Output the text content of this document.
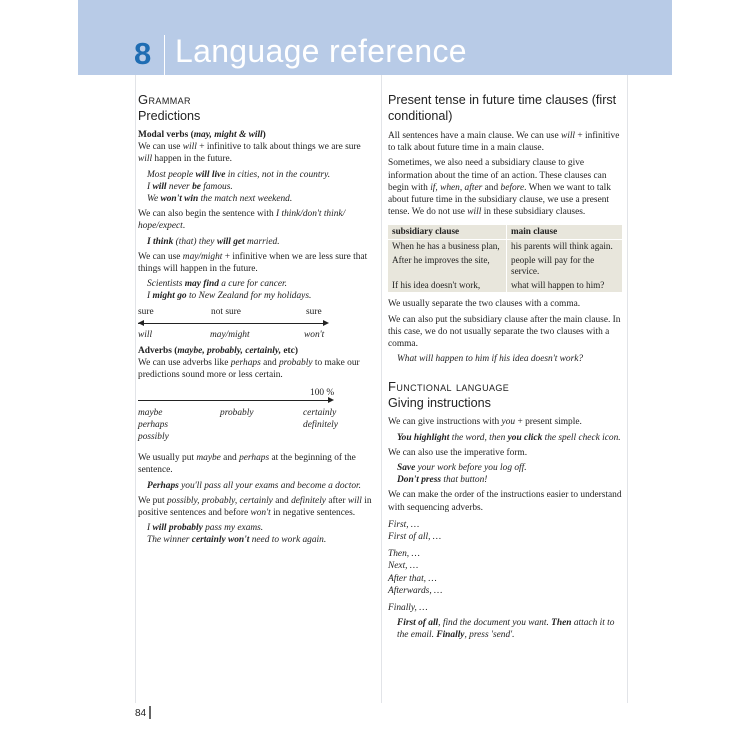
8 Language reference
Grammar
Predictions
Modal verbs (may, might & will)
We can use will + infinitive to talk about things we are sure will happen in the future.
Most people will live in cities, not in the country.
I will never be famous.
We won't win the match next weekend.
We can also begin the sentence with I think/don't think/ hope/expect.
I think (that) they will get married.
We can use may/might + infinitive when we are less sure that things will happen in the future.
Scientists may find a cure for cancer.
I might go to New Zealand for my holidays.
sure	not sure	sure
will	may/might	won't
Adverbs (maybe, probably, certainly, etc)
We can use adverbs like perhaps and probably to make our predictions sound more or less certain.
100 %
maybe
perhaps
possibly
probably	certainly
definitely
We usually put maybe and perhaps at the beginning of the sentence.
Perhaps you'll pass all your exams and become a doctor.
We put possibly, probably, certainly and definitely after will in positive sentences and before won't in negative sentences.
I will probably pass my exams.
The winner certainly won't need to work again.
Present tense in future time clauses (first conditional)
All sentences have a main clause. We can use will + infinitive to talk about future time in a main clause.
Sometimes, we also need a subsidiary clause to give information about the time of an action. These clauses can begin with if, when, after and before. When we want to talk about future time in the subsidiary clause, we use a present tense. We do not use will in these subsidiary clauses.
subsidiary clause	main clause
When he has a business plan,	his parents will think again.
After he improves the site,	people will pay for the service.
If his idea doesn't work,	what will happen to him?
We usually separate the two clauses with a comma.
We can also put the subsidiary clause after the main clause. In this case, we do not usually separate the two clauses with a comma.
What will happen to him if his idea doesn't work?
Functional language
Giving instructions
We can give instructions with you + present simple.
You highlight the word, then you click the spell check icon.
We can also use the imperative form.
Save your work before you log off.
Don't press that button!
We can make the order of the instructions easier to understand with sequencing adverbs.
First, …
First of all, …
Then, …
Next, …
After that, …
Afterwards, …
Finally, …
First of all, find the document you want. Then attach it to the email. Finally, press 'send'.
84
